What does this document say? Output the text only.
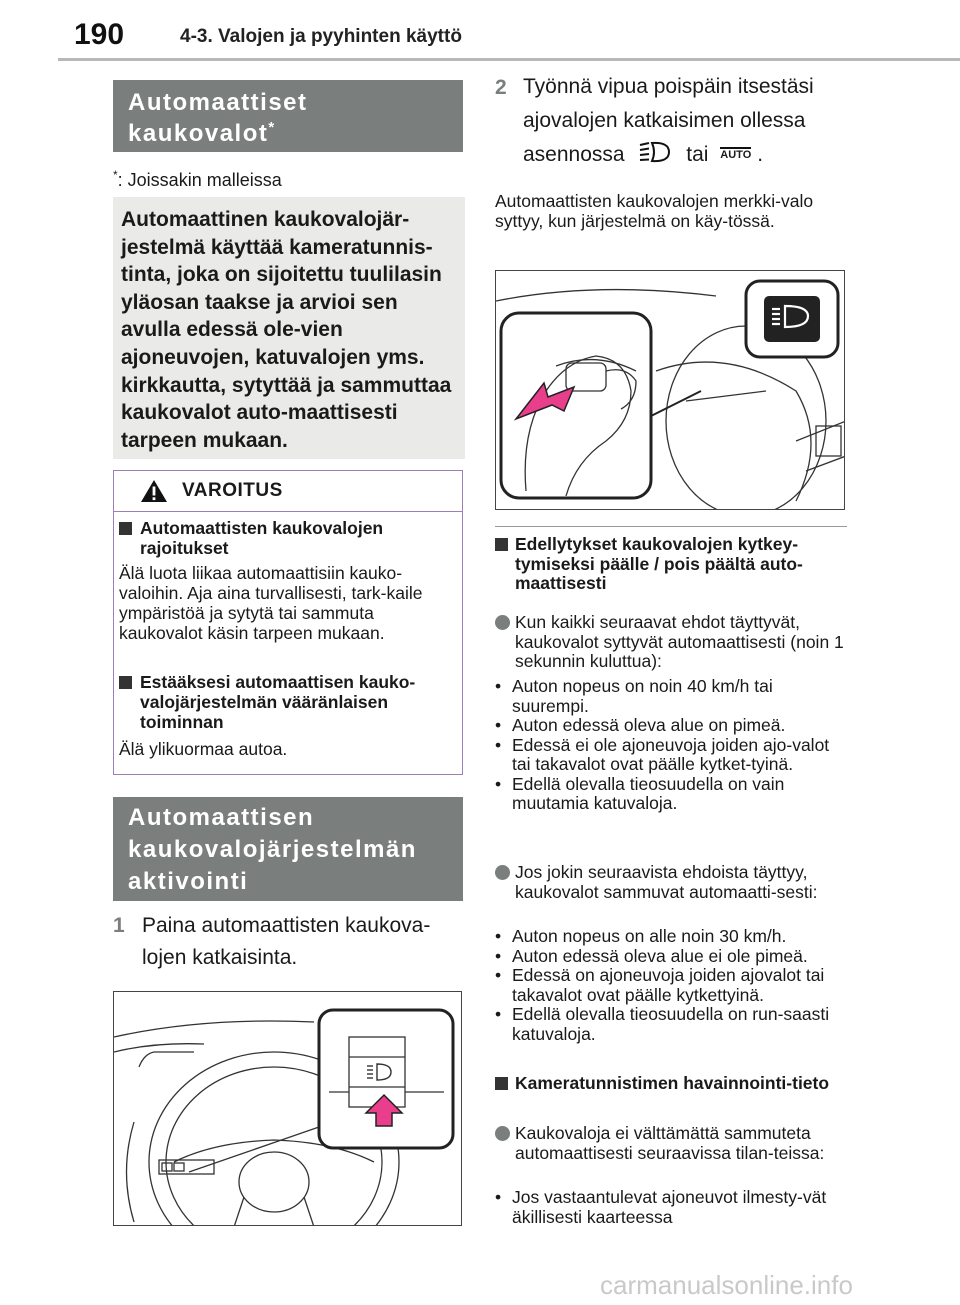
190	4-3. Valojen ja pyyhinten käyttö
Automaattiset
kaukovalot*
*: Joissakin malleissa
Automaattinen kaukovalojär-jestelmä käyttää kameratunnis-tinta, joka on sijoitettu tuulilasin yläosan taakse ja arvioi sen avulla edessä ole-vien ajoneuvojen, katuvalojen yms. kirkkautta, sytyttää ja sammuttaa kaukovalot auto-maattisesti tarpeen mukaan.
VAROITUS
Automaattisten kaukovalojen rajoitukset
Älä luota liikaa automaattisiin kauko-valoihin. Aja aina turvallisesti, tark-kaile ympäristöä ja sytytä tai sammuta kaukovalot käsin tarpeen mukaan.
Estääksesi automaattisen kauko-valojärjestelmän vääränlaisen toiminnan
Älä ylikuormaa autoa.
Automaattisen kaukovalojärjestelmän aktivointi
1 Paina automaattisten kaukova-lojen katkaisinta.
2 Työnnä vipua poispäin itsestäsi ajovalojen katkaisimen ollessa asennossa	tai AUTO .
Automaattisten kaukovalojen merkki-valo syttyy, kun järjestelmä on käy-tössä.
Edellytykset kaukovalojen kytkey-tymiseksi päälle / pois päältä auto-maattisesti
Kun kaikki seuraavat ehdot täyttyvät, kaukovalot syttyvät automaattisesti (noin 1 sekunnin kuluttua):
• Auton nopeus on noin 40 km/h tai suurempi.
• Auton edessä oleva alue on pimeä.
• Edessä ei ole ajoneuvoja joiden ajo-valot tai takavalot ovat päälle kytket-tyinä.
• Edellä olevalla tieosuudella on vain muutamia katuvaloja.
Jos jokin seuraavista ehdoista täyttyy, kaukovalot sammuvat automaatti-sesti:
• Auton nopeus on alle noin 30 km/h.
• Auton edessä oleva alue ei ole pimeä.
• Edessä on ajoneuvoja joiden ajovalot tai takavalot ovat päälle kytkettyinä.
• Edellä olevalla tieosuudella on run-saasti katuvaloja.
Kameratunnistimen havainnointi-tieto
Kaukovaloja ei välttämättä sammuteta automaattisesti seuraavissa tilan-teissa:
• Jos vastaantulevat ajoneuvot ilmesty-vät äkillisesti kaarteessa
carmanualsonline.info
